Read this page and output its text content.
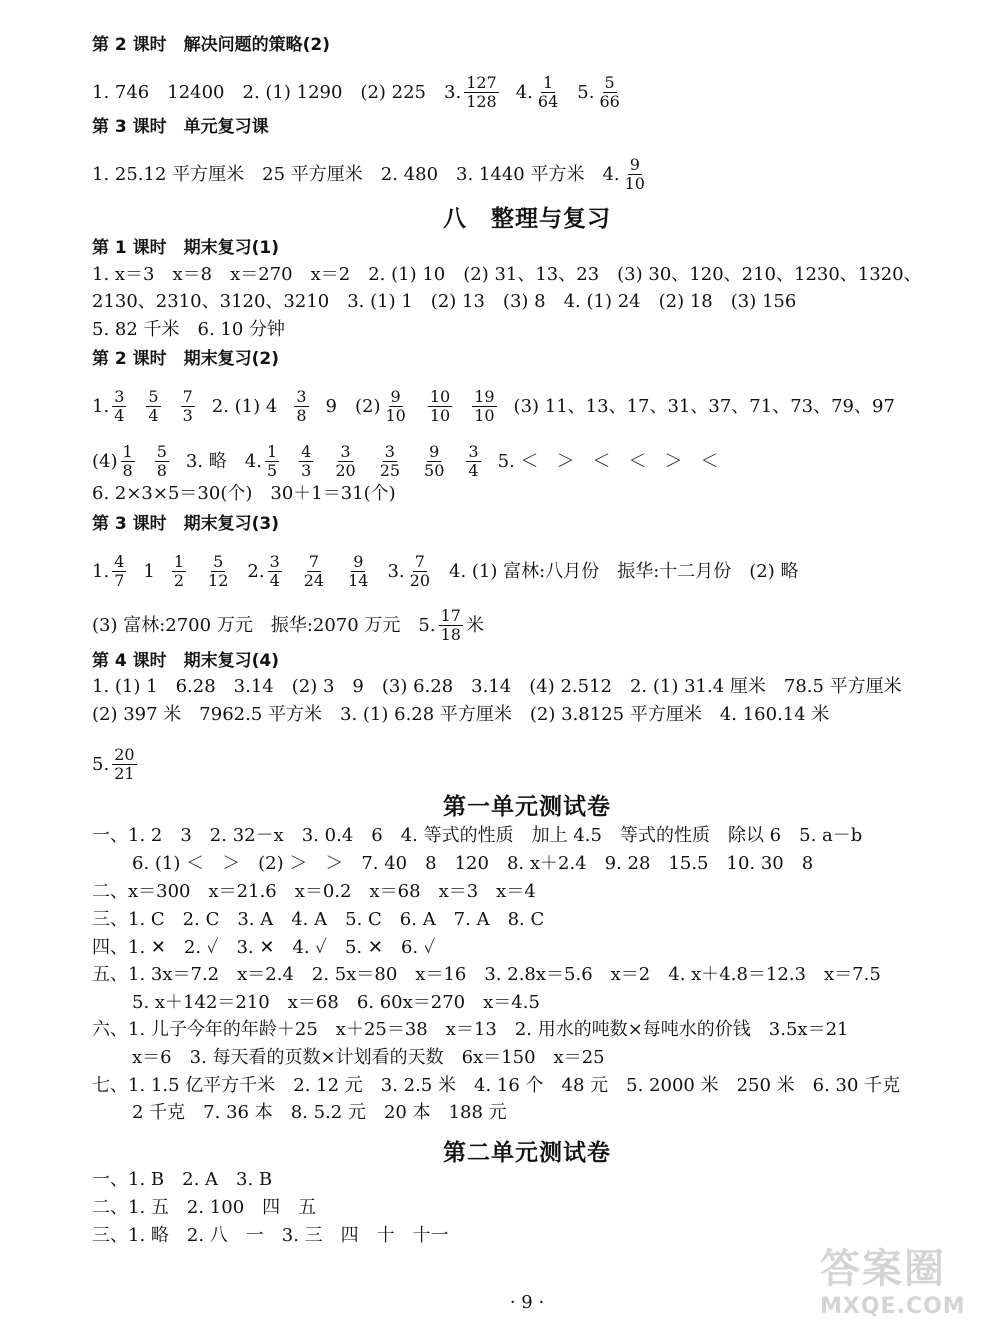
第 2 课时　解决问题的策略(2)
1. 746　12400　2. (1) 1290　(2) 225　3. 127
128 4. 1
64 5. 5
66
第 3 课时　单元复习课
1. 25.12 平方厘米　25 平方厘米　2. 480　3. 1440 平方米　4. 9
10
八　整理与复习
第 1 课时　期末复习(1)
1. x＝3　x＝8　x＝270　x＝2　2. (1) 10　(2) 31、13、23　(3) 30、120、210、1230、1320、
2130、2310、3120、3210　3. (1) 1　(2) 13　(3) 8　4. (1) 24　(2) 18　(3) 156
5. 82 千米　6. 10 分钟
第 2 课时　期末复习(2)
1. 3
4
5
4
7
3 2. (1) 4 3
8 9　(2) 9
10
10
10
19
10 (3) 11、13、17、31、37、71、73、79、97
(4) 1
8
5
8 3. 略　4. 1
5
4
3
3
20
3
25
9
50
3
4 5. ＜　＞　＜　＜　＞　＜
6. 2×3×5＝30(个)　30＋1＝31(个)
第 3 课时　期末复习(3)
1. 4
7 1 1
2
5
12 2. 3
4
7
24
9
14 3. 7
20 4. (1) 富林:八月份　振华:十二月份　(2) 略
(3) 富林:2700 万元　振华:2070 万元　5. 17
18 米
第 4 课时　期末复习(4)
1. (1) 1　6.28　3.14　(2) 3　9　(3) 6.28　3.14　(4) 2.512　2. (1) 31.4 厘米　78.5 平方厘米
(2) 397 米　7962.5 平方米　3. (1) 6.28 平方厘米　(2) 3.8125 平方厘米　4. 160.14 米
5. 20
21
第一单元测试卷
一、1. 2　3　2. 32－x　3. 0.4　6　4. 等式的性质　加上 4.5　等式的性质　除以 6　5. a－b
6. (1) ＜　＞　(2) ＞　＞　7. 40　8　120　8. x＋2.4　9. 28　15.5　10. 30　8
二、x＝300　x＝21.6　x＝0.2　x＝68　x＝3　x＝4
三、1. C　2. C　3. A　4. A　5. C　6. A　7. A　8. C
四、1. ✕　2. ✓　3. ✕　4. ✓　5. ✕　6. ✓
五、1. 3x＝7.2　x＝2.4　2. 5x＝80　x＝16　3. 2.8x＝5.6　x＝2　4. x＋4.8＝12.3　x＝7.5
5. x＋142＝210　x＝68　6. 60x＝270　x＝4.5
六、1. 儿子今年的年龄＋25　x＋25＝38　x＝13　2. 用水的吨数×每吨水的价钱　3.5x＝21
x＝6　3. 每天看的页数×计划看的天数　6x＝150　x＝25
七、1. 1.5 亿平方千米　2. 12 元　3. 2.5 米　4. 16 个　48 元　5. 2000 米　250 米　6. 30 千克
2 千克　7. 36 本　8. 5.2 元　20 本　188 元
第二单元测试卷
一、1. B　2. A　3. B
二、1. 五　2. 100　四　五
三、1. 略　2. 八　一　3. 三　四　十　十一
· 9 ·
答案圈
MXQE.COM
